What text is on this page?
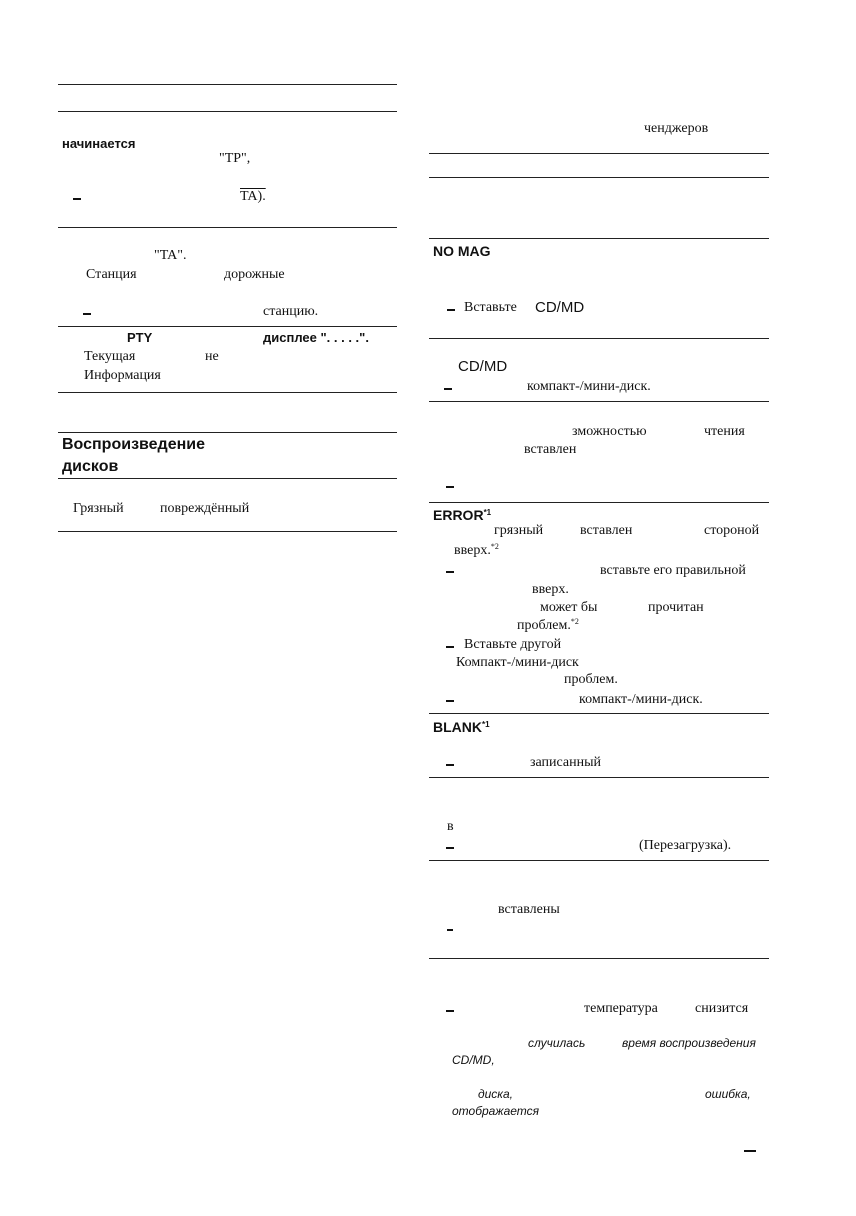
начинается
"TP",
TA).
"TA".
Станция	дорожные
станцию.
PTY	дисплее ". . . . .".
Текущая	не
Информация
Воспроизведение
дисков
Грязный	повреждённый
ченджеров
NO MAG
Вставьте CD/MD
CD/MD
компакт-/мини-диск.
зможностью	чтения
вставлен
ERROR$^{*1}$
грязный	вставлен	стороной
вверх.$^{*2}$
вставьте его правильной
вверх.
может бы	прочитан
проблем.$^{*2}$
Вставьте другой
Компакт-/мини-диск
проблем.
компакт-/мини-диск.
BLANK$^{*1}$
записанный
в
(Перезагрузка).
вставлены
температура	снизится
случилась	время воспроизведения
CD/MD,
диска,	ошибка,
отображается
